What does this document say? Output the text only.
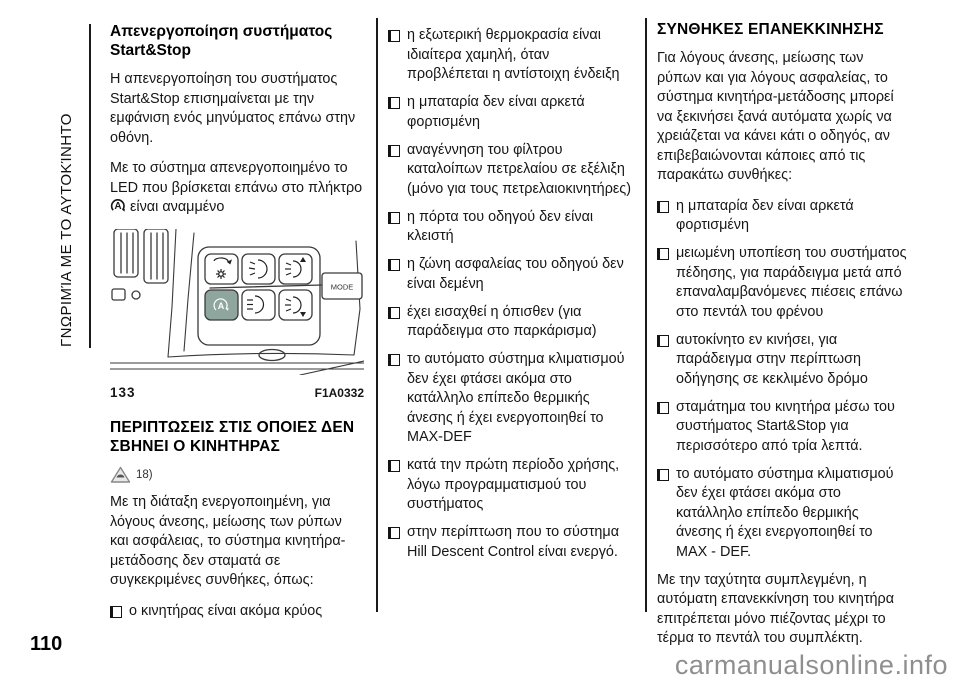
ΓΝΩΡΙΜΊΑ ΜΕ ΤΟ ΑΥΤΟΚΊΝΗΤΟ
110
carmanualsonline.info
Απενεργοποίηση συστήματος Start&Stop

Η απενεργοποίηση του συστήματος Start&Stop επισημαίνεται με την εμφάνιση ενός μηνύματος επάνω στην οθόνη.

Με το σύστημα απενεργοποιημένο το LED που βρίσκεται επάνω στο πλήκτρο
A είναι αναμμένο

A
MODE
133	F1A0332
ΠΕΡΙΠΤΩΣΕΙΣ ΣΤΙΣ ΟΠΟΙΕΣ ΔΕΝ ΣΒΗΝΕΙ Ο ΚΙΝΗΤΗΡΑΣ
18)

Με τη διάταξη ενεργοποιημένη, για λόγους άνεσης, μείωσης των ρύπων και ασφάλειας, το σύστημα κινητήρα-μετάδοσης δεν σταματά σε συγκεκριμένες συνθήκες, όπως:

ο κινητήρας είναι ακόμα κρύος
η εξωτερική θερμοκρασία είναι ιδιαίτερα χαμηλή, όταν προβλέπεται η αντίστοιχη ένδειξη
η μπαταρία δεν είναι αρκετά φορτισμένη
αναγέννηση του φίλτρου καταλοίπων πετρελαίου σε εξέλιξη (μόνο για τους πετρελαιοκινητήρες)
η πόρτα του οδηγού δεν είναι κλειστή
η ζώνη ασφαλείας του οδηγού δεν είναι δεμένη
έχει εισαχθεί η όπισθεν (για παράδειγμα στο παρκάρισμα)
το αυτόματο σύστημα κλιματισμού δεν έχει φτάσει ακόμα στο κατάλληλο επίπεδο θερμικής άνεσης ή έχει ενεργοποιηθεί το MAX-DEF
κατά την πρώτη περίοδο χρήσης, λόγω προγραμματισμού του συστήματος
στην περίπτωση που το σύστημα Hill Descent Control είναι ενεργό.
ΣΥΝΘΗΚΕΣ ΕΠΑΝΕΚΚΙΝΗΣΗΣ

Για λόγους άνεσης, μείωσης των ρύπων και για λόγους ασφαλείας, το σύστημα κινητήρα-μετάδοσης μπορεί να ξεκινήσει ξανά αυτόματα χωρίς να χρειάζεται να κάνει κάτι ο οδηγός, αν επιβεβαιώνονται κάποιες από τις παρακάτω συνθήκες:

η μπαταρία δεν είναι αρκετά φορτισμένη
μειωμένη υποπίεση του συστήματος πέδησης, για παράδειγμα μετά από επαναλαμβανόμενες πιέσεις επάνω στο πεντάλ του φρένου
αυτοκίνητο εν κινήσει, για παράδειγμα στην περίπτωση οδήγησης σε κεκλιμένο δρόμο
σταμάτημα του κινητήρα μέσω του συστήματος Start&Stop για περισσότερο από τρία λεπτά.
το αυτόματο σύστημα κλιματισμού δεν έχει φτάσει ακόμα στο κατάλληλο επίπεδο θερμικής άνεσης ή έχει ενεργοποιηθεί το MAX - DEF.

Με την ταχύτητα συμπλεγμένη, η αυτόματη επανεκκίνηση του κινητήρα επιτρέπεται μόνο πιέζοντας μέχρι το τέρμα το πεντάλ του συμπλέκτη.
